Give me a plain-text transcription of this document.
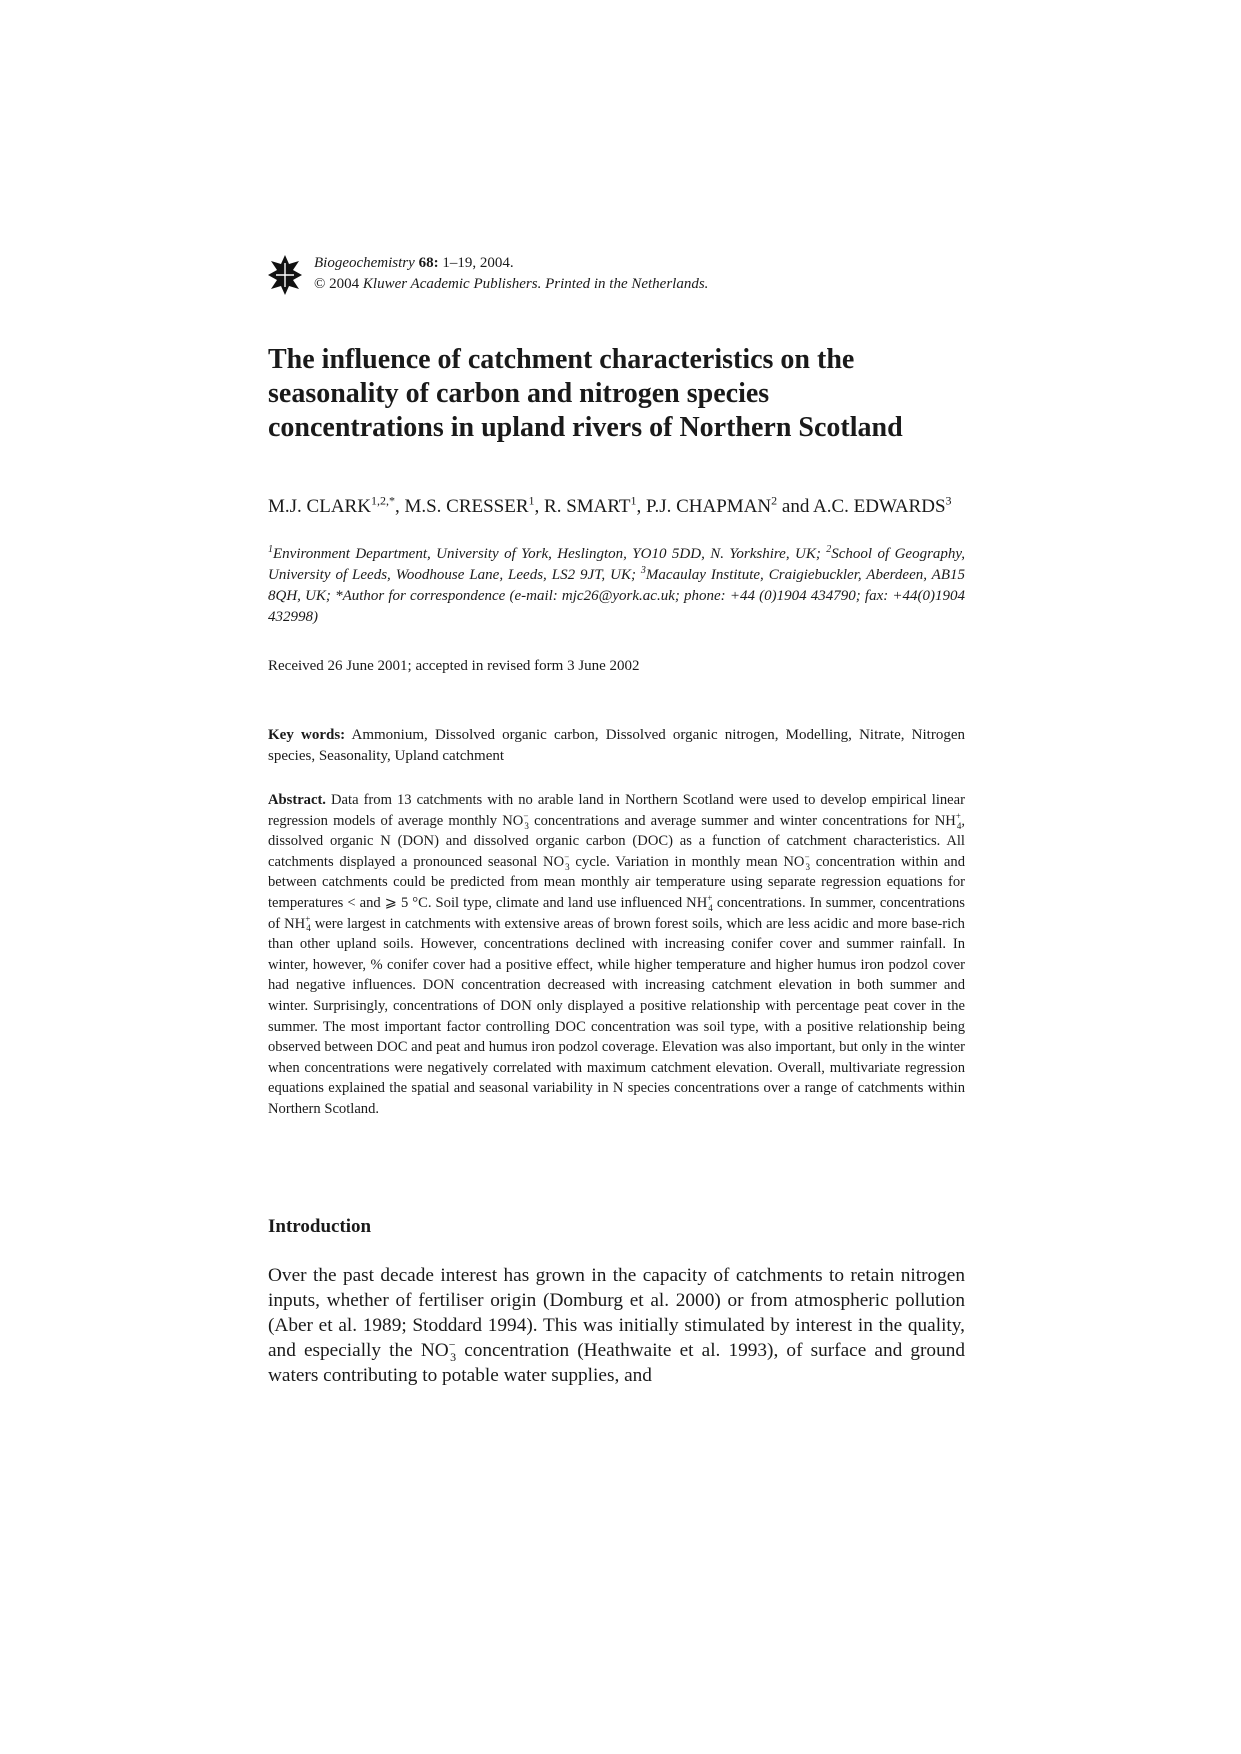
Biogeochemistry 68: 1–19, 2004.
© 2004 Kluwer Academic Publishers. Printed in the Netherlands.
The influence of catchment characteristics on the
seasonality of carbon and nitrogen species
concentrations in upland rivers of Northern Scotland

M.J. $CLARK^{1,2,*}$, M.S. CRESSER$^1$, R. SMART$^1$, P.J. CHAPMAN$^2$ and A.C. EDWARDS$^3$

$^1$Environment Department, University of York, Heslington, YO10 5DD, N. Yorkshire, UK; $^2$School of Geography, University of Leeds, Woodhouse Lane, Leeds, LS2 9JT, UK; $^3$Macaulay Institute, Craigiebuckler, Aberdeen, AB15 8QH, UK; *Author for correspondence (e-mail: mjc26@york.ac.uk; phone: +44 (0)1904 434790; fax: +44(0)1904 432998)

Received 26 June 2001; accepted in revised form 3 June 2002

Key words: Ammonium, Dissolved organic carbon, Dissolved organic nitrogen, Modelling, Nitrate, Nitrogen species, Seasonality, Upland catchment

Abstract. Data from 13 catchments with no arable land in Northern Scotland were used to develop empirical linear regression models of average monthly $NO^-_3$ concentrations and average summer and winter concentrations for $NH^+_4$, dissolved organic N (DON) and dissolved organic carbon (DOC) as a function of catchment characteristics. All catchments displayed a pronounced seasonal $NO^-_3$ cycle. Variation in monthly mean $NO^-_3$ concentration within and between catchments could be predicted from mean monthly air temperature using separate regression equations for temperatures < and ⩾ 5 °C. Soil type, climate and land use influenced $NH^+_4$ concentrations. In summer, concentrations of $NH^+_4$ were largest in catchments with extensive areas of brown forest soils, which are less acidic and more base-rich than other upland soils. However, concentrations declined with increasing conifer cover and summer rainfall. In winter, however, % conifer cover had a positive effect, while higher temperature and higher humus iron podzol cover had negative influences. DON concentration decreased with increasing catchment elevation in both summer and winter. Surprisingly, concentrations of DON only displayed a positive relationship with percentage peat cover in the summer. The most important factor controlling DOC concentration was soil type, with a positive relationship being observed between DOC and peat and humus iron podzol coverage. Elevation was also important, but only in the winter when concentrations were negatively correlated with maximum catchment elevation. Overall, multivariate regression equations explained the spatial and seasonal variability in N species concentrations over a range of catchments within Northern Scotland.

Introduction

Over the past decade interest has grown in the capacity of catchments to retain nitrogen inputs, whether of fertiliser origin (Domburg et al. 2000) or from atmospheric pollution (Aber et al. 1989; Stoddard 1994). This was initially stimulated by interest in the quality, and especially the $NO^-_3$ concentration (Heathwaite et al. 1993), of surface and ground waters contributing to potable water supplies, and
